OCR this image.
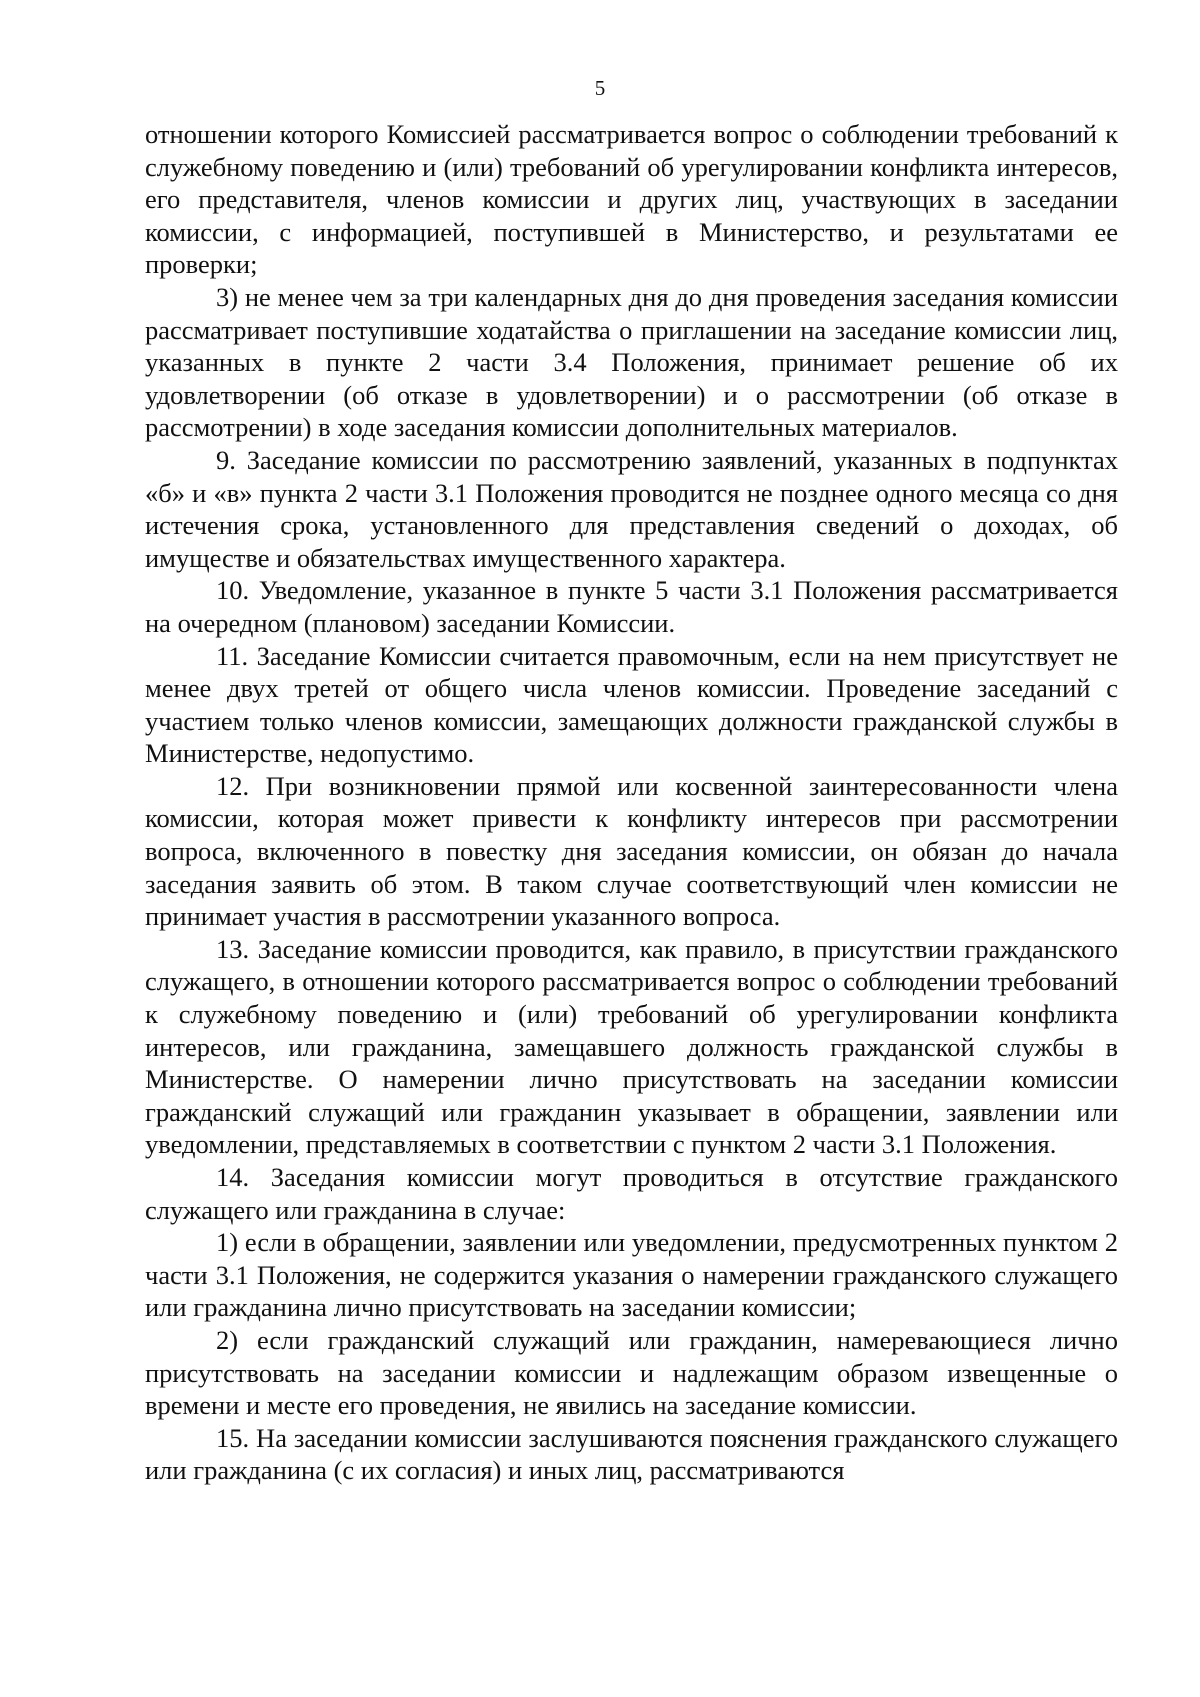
5

отношении которого Комиссией рассматривается вопрос о соблюдении требований к служебному поведению и (или) требований об урегулировании конфликта интересов, его представителя, членов комиссии и других лиц, участвующих в заседании комиссии, с информацией, поступившей в Министерство, и результатами ее проверки;

3) не менее чем за три календарных дня до дня проведения заседания комиссии рассматривает поступившие ходатайства о приглашении на заседание комиссии лиц, указанных в пункте 2 части 3.4 Положения, принимает решение об их удовлетворении (об отказе в удовлетворении) и о рассмотрении (об отказе в рассмотрении) в ходе заседания комиссии дополнительных материалов.

9. Заседание комиссии по рассмотрению заявлений, указанных в подпунктах «б» и «в» пункта 2 части 3.1 Положения проводится не позднее одного месяца со дня истечения срока, установленного для представления сведений о доходах, об имуществе и обязательствах имущественного характера.

10. Уведомление, указанное в пункте 5 части 3.1 Положения рассматривается на очередном (плановом) заседании Комиссии.

11. Заседание Комиссии считается правомочным, если на нем присутствует не менее двух третей от общего числа членов комиссии. Проведение заседаний с участием только членов комиссии, замещающих должности гражданской службы в Министерстве, недопустимо.

12. При возникновении прямой или косвенной заинтересованности члена комиссии, которая может привести к конфликту интересов при рассмотрении вопроса, включенного в повестку дня заседания комиссии, он обязан до начала заседания заявить об этом. В таком случае соответствующий член комиссии не принимает участия в рассмотрении указанного вопроса.

13. Заседание комиссии проводится, как правило, в присутствии гражданского служащего, в отношении которого рассматривается вопрос о соблюдении требований к служебному поведению и (или) требований об урегулировании конфликта интересов, или гражданина, замещавшего должность гражданской службы в Министерстве. О намерении лично присутствовать на заседании комиссии гражданский служащий или гражданин указывает в обращении, заявлении или уведомлении, представляемых в соответствии с пунктом 2 части 3.1 Положения.

14. Заседания комиссии могут проводиться в отсутствие гражданского служащего или гражданина в случае:

1) если в обращении, заявлении или уведомлении, предусмотренных пунктом 2 части 3.1 Положения, не содержится указания о намерении гражданского служащего или гражданина лично присутствовать на заседании комиссии;

2) если гражданский служащий или гражданин, намеревающиеся лично присутствовать на заседании комиссии и надлежащим образом извещенные о времени и месте его проведения, не явились на заседание комиссии.

15. На заседании комиссии заслушиваются пояснения гражданского служащего или гражданина (с их согласия) и иных лиц, рассматриваются
